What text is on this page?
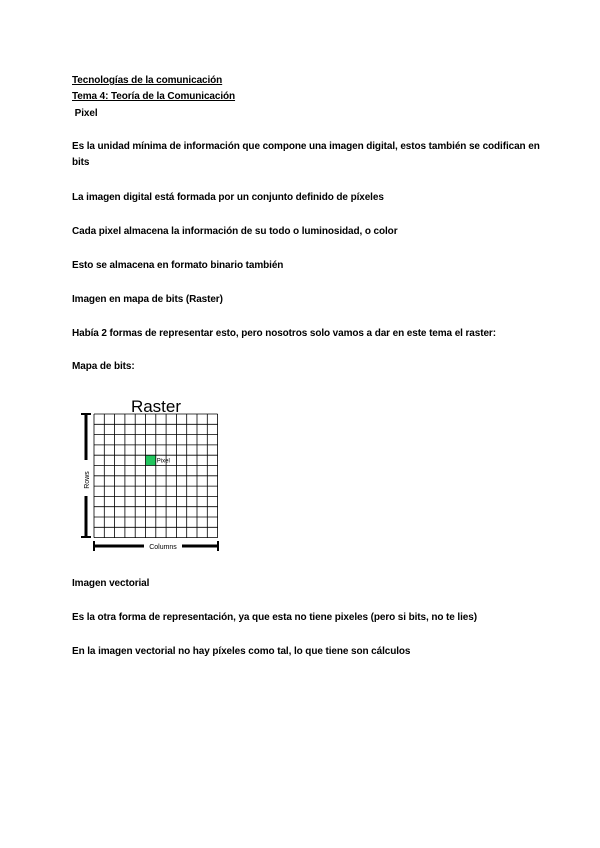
Tecnologías de la comunicación
Tema 4: Teoría de la Comunicación
Pixel
Es la unidad mínima de información que compone una imagen digital, estos también se codifican en bits
La imagen digital está formada por un conjunto definido de píxeles
Cada pixel almacena la información de su todo o luminosidad, o color
Esto se almacena en formato binario también
Imagen en mapa de bits (Raster)
Había 2 formas de representar esto, pero nosotros solo vamos a dar en este tema el raster:
Mapa de bits:
Raster
Pixel
Rows
Columns
Imagen vectorial
Es la otra forma de representación, ya que esta no tiene pixeles (pero si bits, no te lies)
En la imagen vectorial no hay píxeles como tal, lo que tiene son cálculos
